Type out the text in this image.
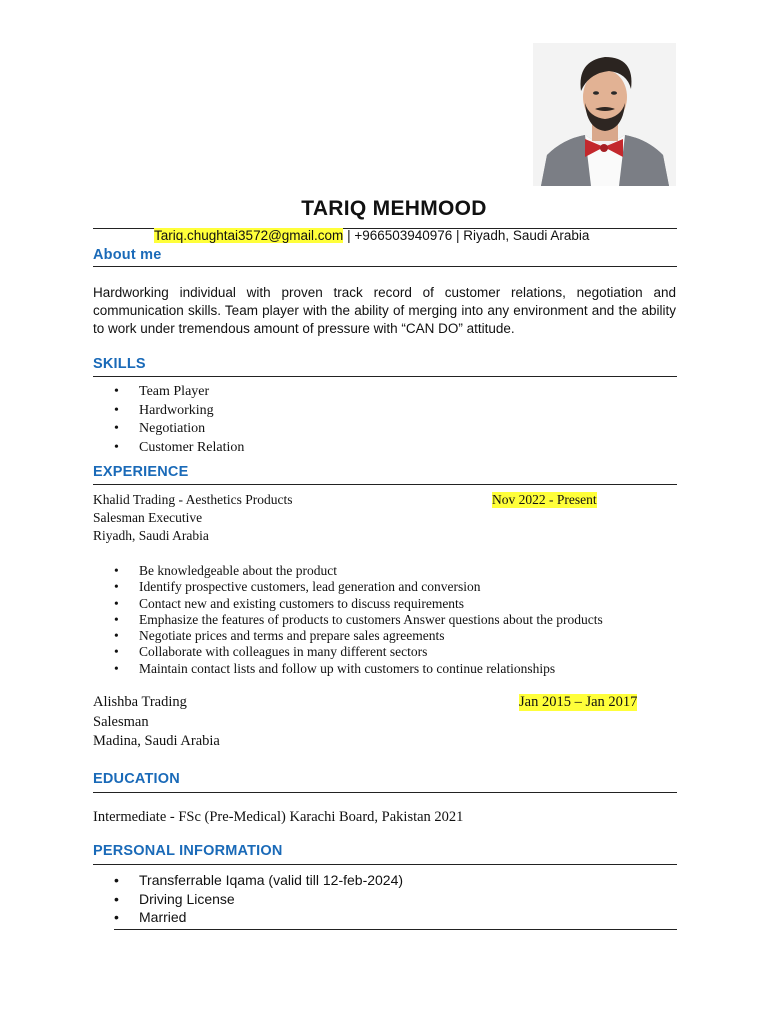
TARIQ MEHMOOD
Tariq.chughtai3572@gmail.com | +966503940976 | Riyadh, Saudi Arabia
About me
Hardworking individual with proven track record of customer relations, negotiation and communication skills. Team player with the ability of merging into any environment and the ability to work under tremendous amount of pressure with “CAN DO” attitude.
SKILLS
• Team Player
• Hardworking
• Negotiation
• Customer Relation
EXPERIENCE
Khalid Trading - Aesthetics Products	Nov 2022 - Present
Salesman Executive
Riyadh, Saudi Arabia
• Be knowledgeable about the product
• Identify prospective customers, lead generation and conversion
• Contact new and existing customers to discuss requirements
• Emphasize the features of products to customers Answer questions about the products
• Negotiate prices and terms and prepare sales agreements
• Collaborate with colleagues in many different sectors
• Maintain contact lists and follow up with customers to continue relationships
Alishba Trading	Jan 2015 – Jan 2017
Salesman
Madina, Saudi Arabia
EDUCATION
Intermediate - FSc (Pre-Medical) Karachi Board, Pakistan 2021
PERSONAL INFORMATION
• Transferrable Iqama (valid till 12-feb-2024)
• Driving License
• Married
